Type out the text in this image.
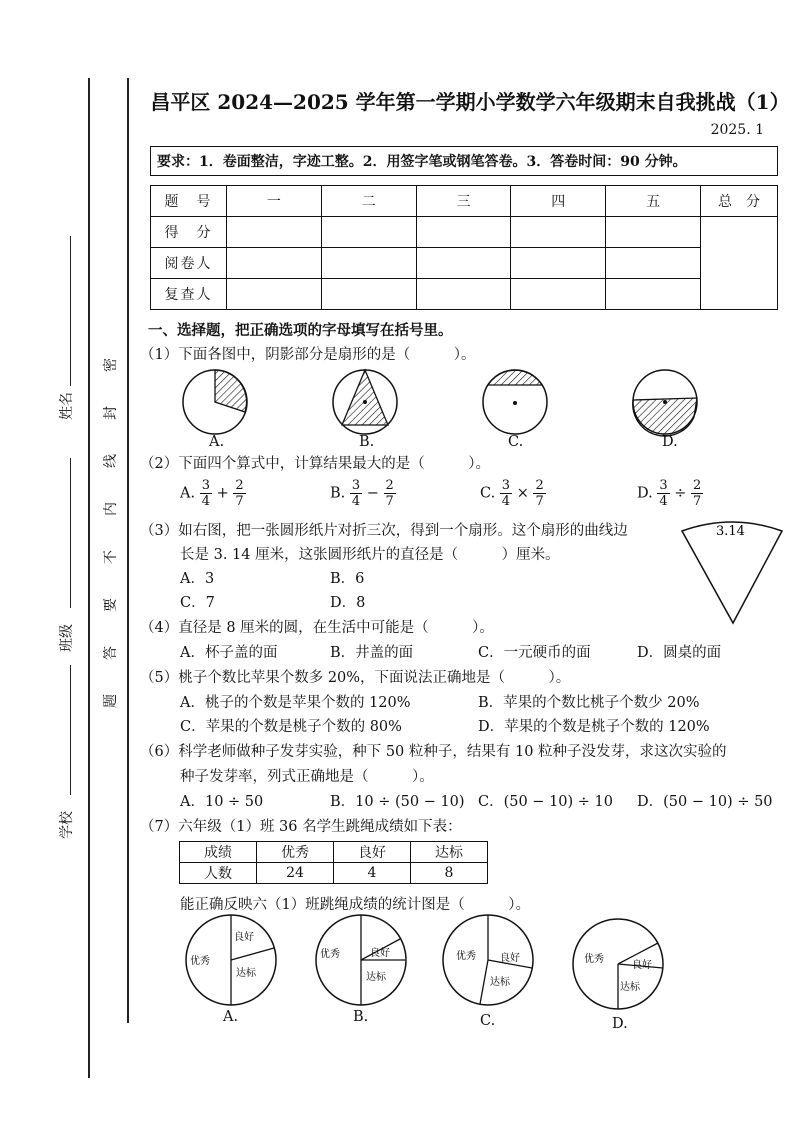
姓名
班级
学校
密
封
线
内
不
要
答
题
昌平区 2024—2025 学年第一学期小学数学六年级期末自我挑战（1）
2025. 1
要求：1．卷面整洁，字迹工整。2．用签字笔或钢笔答卷。3．答卷时间：90 分钟。
题　号	一	二	三	四	五	总　分
得　分						
阅卷人						
复查人						
一、选择题，把正确选项的字母填写在括号里。
（1）下面各图中，阴影部分是扇形的是（　　　）。
A.	B.	C.	D.
（2）下面四个算式中，计算结果最大的是（　　　）。
A. $\frac{3}{4} + \frac{2}{7}$	B. $\frac{3}{4} - \frac{2}{7}$	C. $\frac{3}{4} \times \frac{2}{7}$	D. $\frac{3}{4} \div \frac{2}{7}$
（3）如右图，把一张圆形纸片对折三次，得到一个扇形。这个扇形的曲线边
长是 3. 14 厘米，这张圆形纸片的直径是（　　　）厘米。
A．3	B．6
C．7	D．8
3.14
（4）直径是 8 厘米的圆，在生活中可能是（　　　）。
A．杯子盖的面	B．井盖的面	C．一元硬币的面	D．圆桌的面
（5）桃子个数比苹果个数多 20%，下面说法正确地是（　　　）。
A．桃子的个数是苹果个数的 120%	B．苹果的个数比桃子个数少 20%
C．苹果的个数是桃子个数的 80%	D．苹果的个数是桃子个数的 120%
（6）科学老师做种子发芽实验，种下 50 粒种子，结果有 10 粒种子没发芽，求这次实验的
种子发芽率，列式正确地是（　　　）。
A．10 ÷ 50	B．10 ÷ (50 − 10) C．(50 − 10) ÷ 10 D．(50 − 10) ÷ 50
（7）六年级（1）班 36 名学生跳绳成绩如下表：
成绩	优秀	良好	达标
人数	24	4	8
能正确反映六（1）班跳绳成绩的统计图是（　　　）。
优秀
良好
达标
优秀	良好
达标
优秀 良好
达标
优秀
良好
达标
A.	B.	C.	D.
